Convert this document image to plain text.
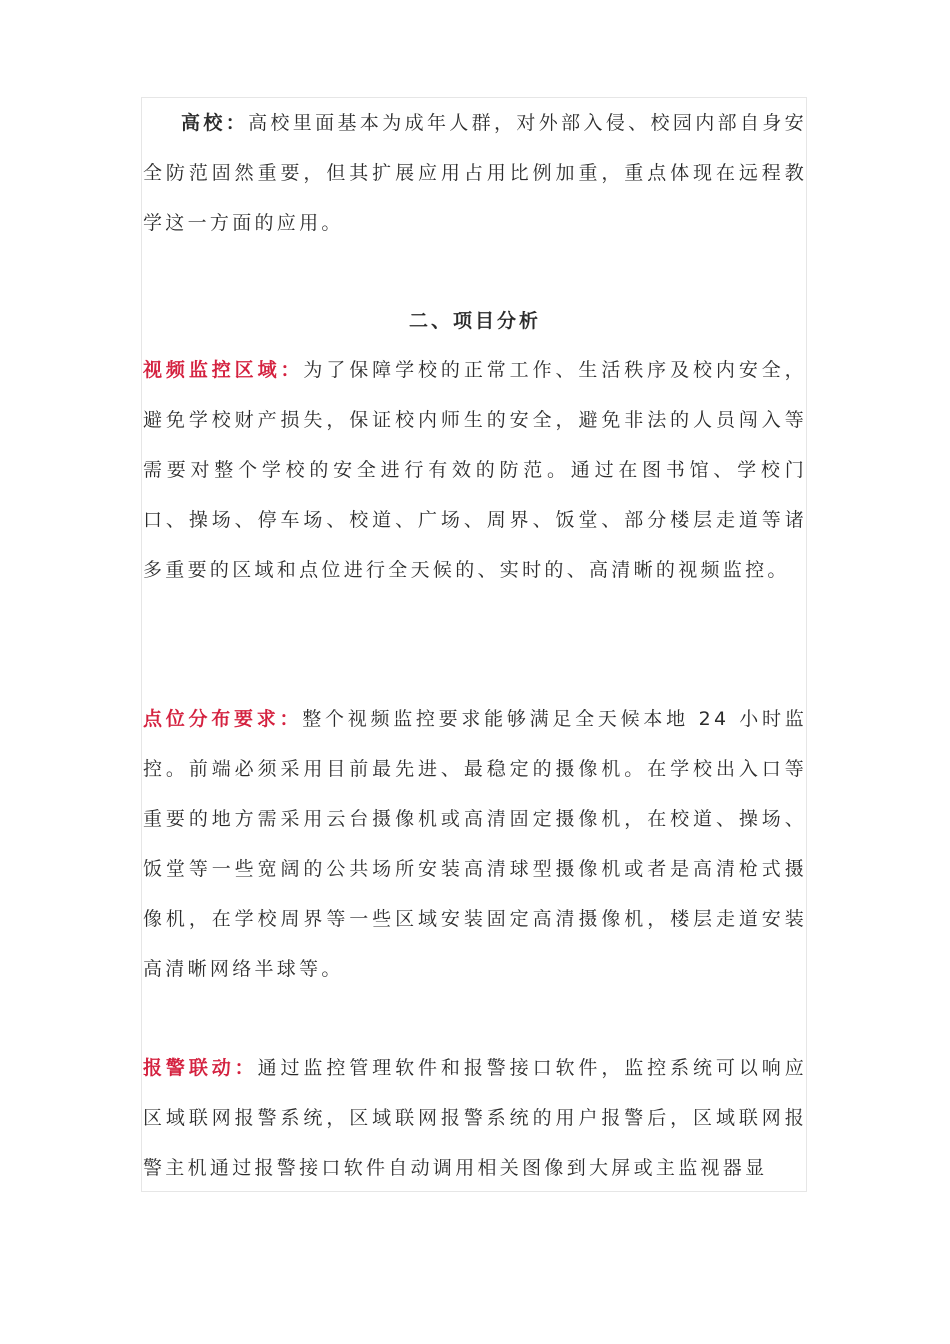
高校：高校里面基本为成年人群，对外部入侵、校园内部自身安全防范固然重要，但其扩展应用占用比例加重，重点体现在远程教学这一方面的应用。

二、项目分析

视频监控区域：为了保障学校的正常工作、生活秩序及校内安全，避免学校财产损失，保证校内师生的安全，避免非法的人员闯入等需要对整个学校的安全进行有效的防范。通过在图书馆、学校门口、操场、停车场、校道、广场、周界、饭堂、部分楼层走道等诸多重要的区域和点位进行全天候的、实时的、高清晰的视频监控。

点位分布要求：整个视频监控要求能够满足全天候本地 24 小时监控。前端必须采用目前最先进、最稳定的摄像机。在学校出入口等重要的地方需采用云台摄像机或高清固定摄像机，在校道、操场、饭堂等一些宽阔的公共场所安装高清球型摄像机或者是高清枪式摄像机，在学校周界等一些区域安装固定高清摄像机，楼层走道安装高清晰网络半球等。

报警联动：通过监控管理软件和报警接口软件，监控系统可以响应区域联网报警系统，区域联网报警系统的用户报警后，区域联网报警主机通过报警接口软件自动调用相关图像到大屏或主监视器显
